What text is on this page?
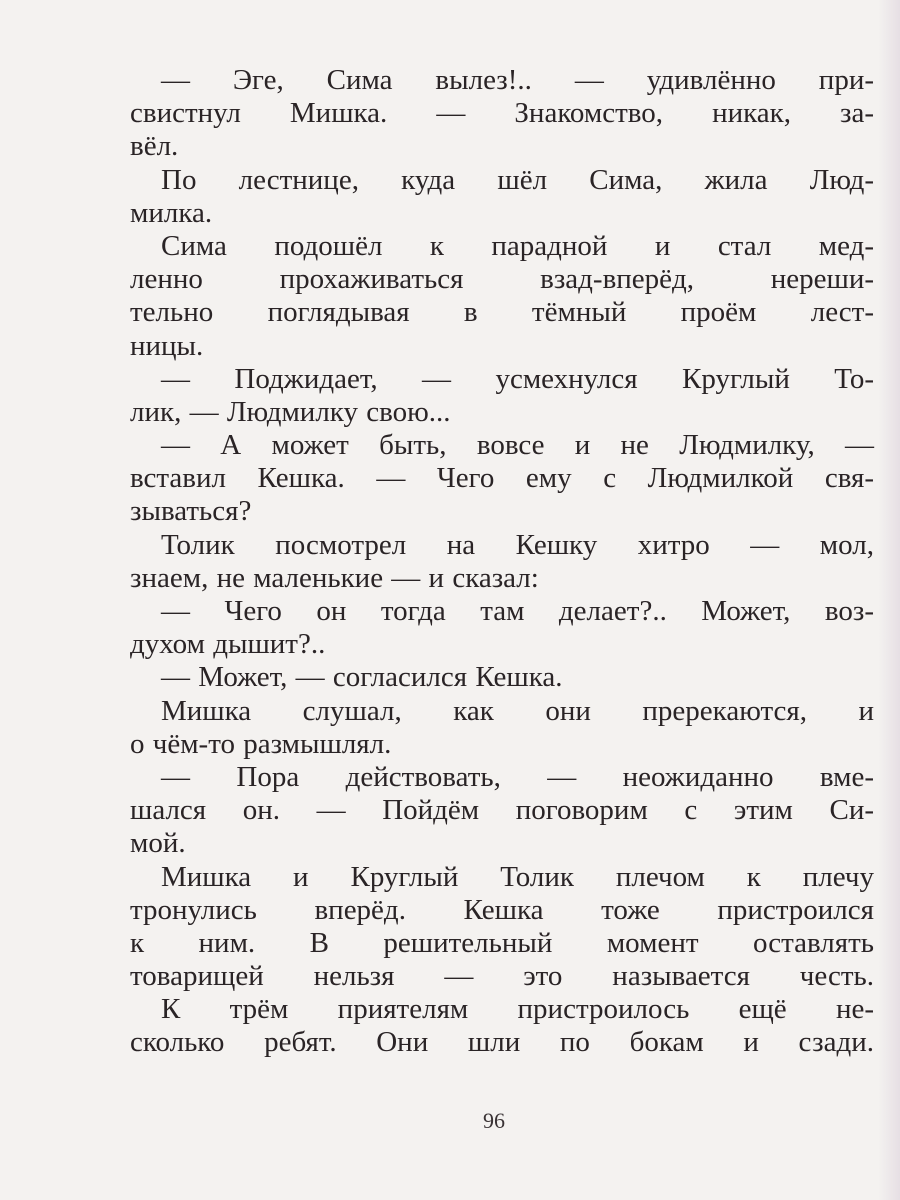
— Эге, Сима вылез!.. — удивлённо при-
свистнул Мишка. — Знакомство, никак, за-
вёл.
По лестнице, куда шёл Сима, жила Люд-
милка.
Сима подошёл к парадной и стал мед-
ленно прохаживаться взад-вперёд, нереши-
тельно поглядывая в тёмный проём лест-
ницы.
— Поджидает, — усмехнулся Круглый То-
лик, — Людмилку свою...
— А может быть, вовсе и не Людмилку, —
вставил Кешка. — Чего ему с Людмилкой свя-
зываться?
Толик посмотрел на Кешку хитро — мол,
знаем, не маленькие — и сказал:
— Чего он тогда там делает?.. Может, воз-
духом дышит?..
— Может, — согласился Кешка.
Мишка слушал, как они пререкаются, и
о чём-то размышлял.
— Пора действовать, — неожиданно вме-
шался он. — Пойдём поговорим с этим Си-
мой.
Мишка и Круглый Толик плечом к плечу
тронулись вперёд. Кешка тоже пристроился
к ним. В решительный момент оставлять
товарищей нельзя — это называется честь.
К трём приятелям пристроилось ещё не-
сколько ребят. Они шли по бокам и сзади.
96
